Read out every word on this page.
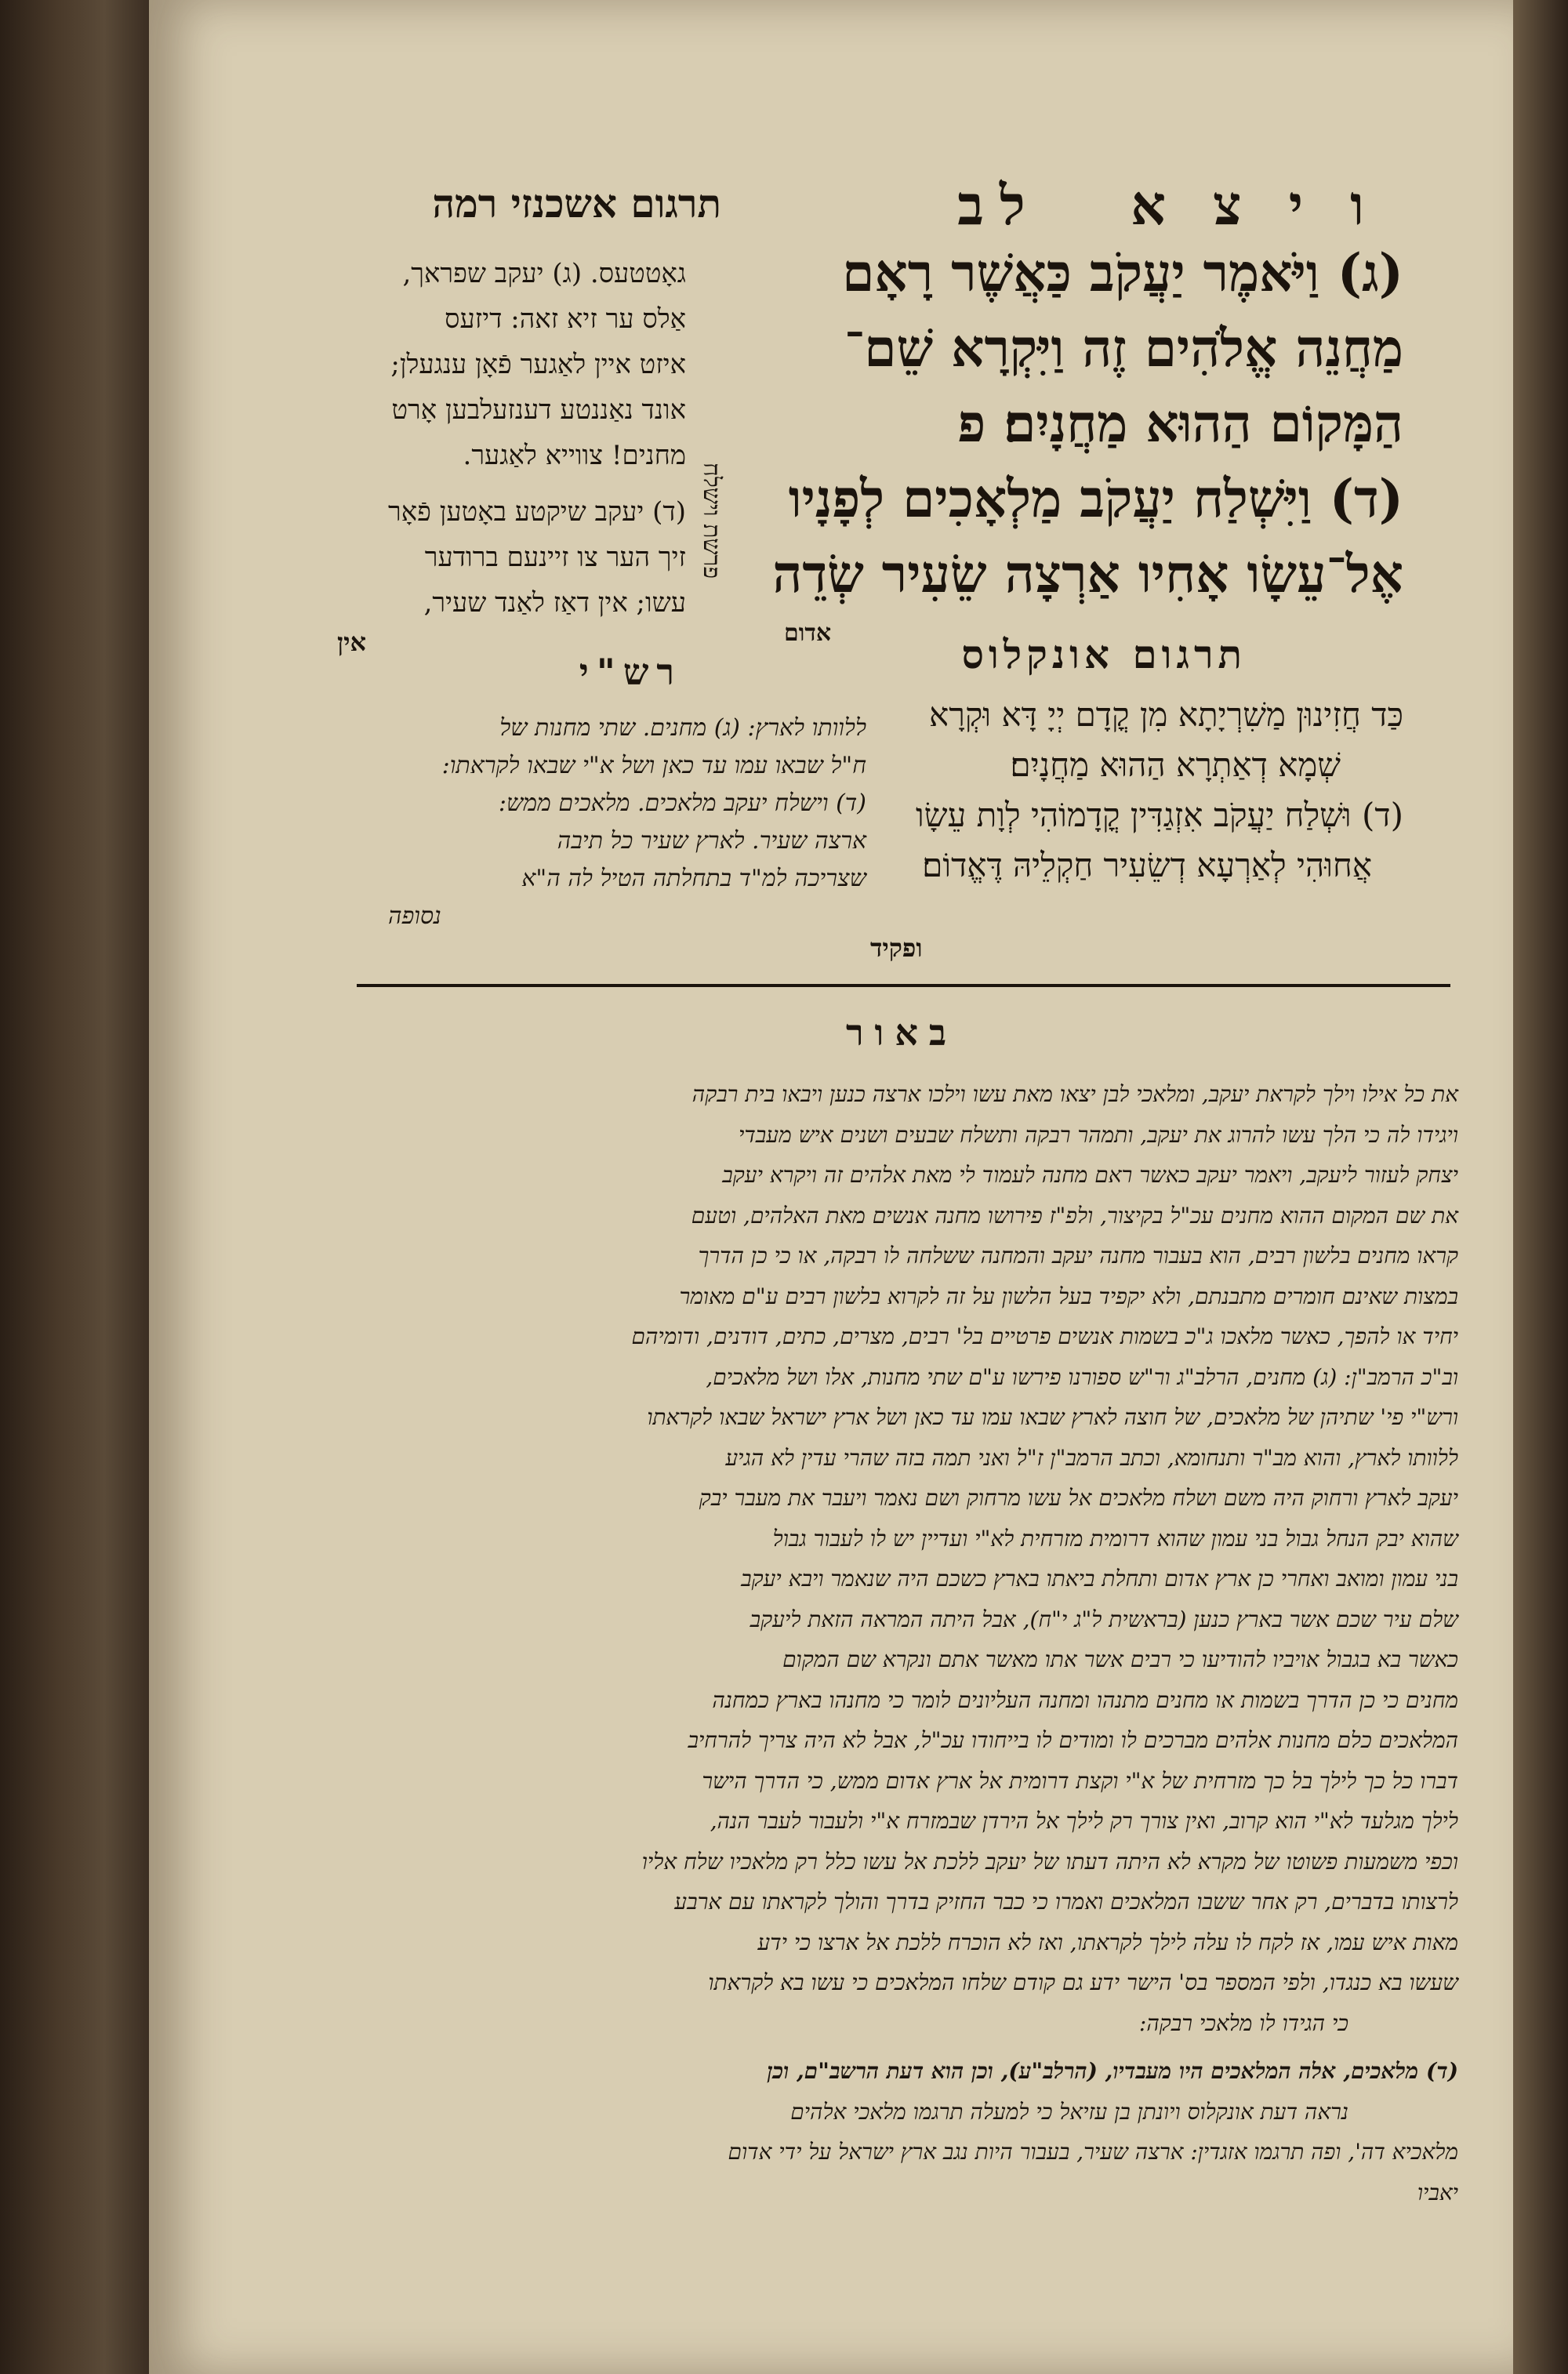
ויצא לב
תרגום אשכנזי רמה
(ג) וַיֹּאמֶר יַעֲקֹב כַּאֲשֶׁר רָאָם
מַחֲנֵה אֱלֹהִים זֶה וַיִּקְרָא שֵׁם־
הַמָּקוֹם הַהוּא מַחֲנָיִם׃ פ
(ד) וַיִּשְׁלַח יַעֲקֹב מַלְאָכִים לְפָנָיו
אֶל־עֵשָׂו אָחִיו אַרְצָה שֵׂעִיר שְׂדֵה
פרשת וישלח
אדום
גאָטטעס. (ג) יעקב שפראך,
אַלס ער זיא זאה: דיזעס
איזט איין לאַגער פֿאָן ענגעלן;
אונד נאַננטע דענזעלבען אָרט
מחנים! צווייא לאַגער.
(ד) יעקב שיקטע באָטען פֿאָר
זיך הער צו זיינעם ברודער
עשו; אין דאַז לאַנד שעיר,
אין	תרגום אונקלוס
כַּד חֲזִינוּן מַשִׁרְיָתָא מִן קֳדָם יְיָ דָּא וּקְרָא
שְׁמָא דְאַתְרָא הַהוּא מַחֲנָיִם׃
(ד) וּשְׁלַח יַעֲקֹב אִזְגַדִּין קֳדָמוֹהִי לְוָת עֵשָׂו
אֲחוּהִי לְאַרְעָא דְשֵׂעִיר חַקְלֵיהּ דֶּאֱדוֹם׃
ופקיד
רש"י
ללוותו לארץ: (ג) מחנים. שתי מחנות של
ח"ל שבאו עמו עד כאן ושל א"י שבאו לקראתו:
(ד) וישלח יעקב מלאכים. מלאכים ממש:
ארצה שעיר. לארץ שעיר כל תיבה
שצריכה למ"ד בתחלתה הטיל לה ה"א
נסופה
באור
את כל אילו וילך לקראת יעקב, ומלאכי לבן יצאו מאת עשו וילכו ארצה כנען ויבאו בית רבקה
ויגידו לה כי הלך עשו להרוג את יעקב, ותמהר רבקה ותשלח שבעים ושנים איש מעבדי
יצחק לעזור ליעקב, ויאמר יעקב כאשר ראם מחנה לעמוד לי מאת אלהים זה ויקרא יעקב
את שם המקום ההוא מחנים עכ"ל בקיצור, ולפ"ז פירושו מחנה אנשים מאת האלהים, וטעם
קראו מחנים בלשון רבים, הוא בעבור מחנה יעקב והמחנה ששלחה לו רבקה, או כי כן הדרך
במצות שאינם חומרים מתבנתם, ולא יקפיד בעל הלשון על זה לקרוא בלשון רבים ע"ם מאומר
יחיד או להפך, כאשר מלאכו ג"כ בשמות אנשים פרטיים בל' רבים, מצרים, כתים, דודנים, ודומיהם
וב"כ הרמב"ן: (ג) מחנים, הרלב"ג ור"ש ספורנו פירשו ע"ם שתי מחנות, אלו ושל מלאכים,
ורש"י פי' שתיהן של מלאכים, של חוצה לארץ שבאו עמו עד כאן ושל ארץ ישראל שבאו לקראתו
ללוותו לארץ, והוא מב"ר ותנחומא, וכתב הרמב"ן ז"ל ואני תמה בזה שהרי עדין לא הגיע
יעקב לארץ ורחוק היה משם ושלח מלאכים אל עשו מרחוק ושם נאמר ויעבר את מעבר יבק
שהוא יבק הנחל גבול בני עמון שהוא דרומית מזרחית לא"י ועדיין יש לו לעבור גבול
בני עמון ומואב ואחרי כן ארץ אדום ותחלת ביאתו בארץ כשכם היה שנאמר ויבא יעקב
שלם עיר שכם אשר בארץ כנען (בראשית ל"ג י"ח), אבל היתה המראה הזאת ליעקב
כאשר בא בגבול אויביו להודיעו כי רבים אשר אתו מאשר אתם ונקרא שם המקום
מחנים כי כן הדרך בשמות או מחנים מתנהו ומחנה העליונים לומר כי מחנהו בארץ כמחנה
המלאכים כלם מחנות אלהים מברכים לו ומודים לו בייחודו עכ"ל, אבל לא היה צריך להרחיב
דברו כל כך לילך בל כך מזרחית של א"י וקצת דרומית אל ארץ אדום ממש, כי הדרך הישר
לילך מגלעד לא"י הוא קרוב, ואין צורך רק לילך אל הירדן שבמזרח א"י ולעבור לעבר הנה,
וכפי משמעות פשוטו של מקרא לא היתה דעתו של יעקב ללכת אל עשו כלל רק מלאכיו שלח אליו
לרצותו בדברים, רק אחר ששבו המלאכים ואמרו כי כבר החזיק בדרך והולך לקראתו עם ארבע
מאות איש עמו, אז לקח לו עלה לילך לקראתו, ואז לא הוכרח ללכת אל ארצו כי ידע
שעשו בא כנגדו, ולפי המספר בס' הישר ידע גם קודם שלחו המלאכים כי עשו בא לקראתו
כי הגידו לו מלאכי רבקה:
(ד) מלאכים, אלה המלאכים היו מעבדיו, (הרלב"ע), וכן הוא דעת הרשב"ם, וכן
נראה דעת אונקלוס ויונתן בן עזיאל כי למעלה תרגמו מלאכי אלהים
מלאכיא דה', ופה תרגמו אזגדין: ארצה שעיר, בעבור היות נגב ארץ ישראל על ידי אדום
יאביו
